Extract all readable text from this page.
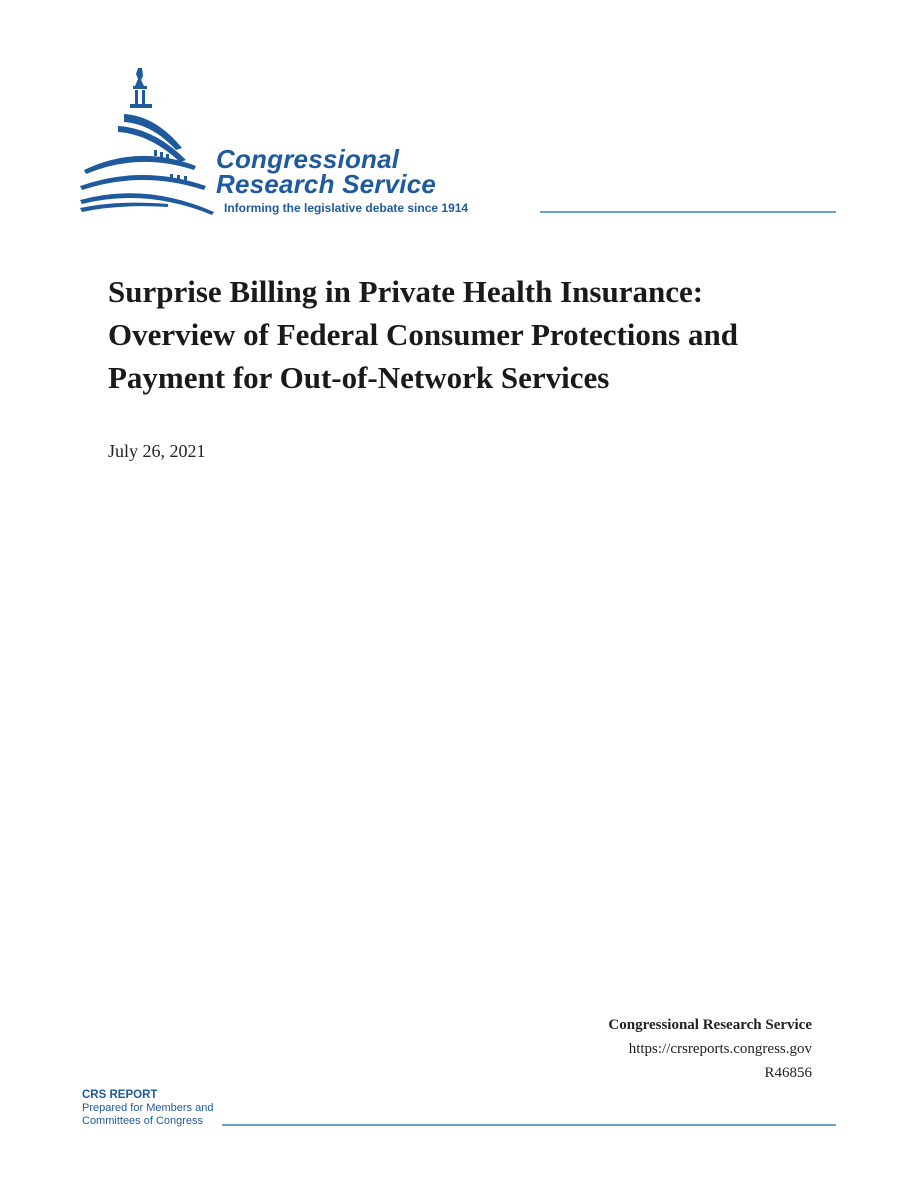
Congressional
Research Service
Informing the legislative debate since 1914
Surprise Billing in Private Health Insurance: Overview of Federal Consumer Protections and Payment for Out-of-Network Services
July 26, 2021
Congressional Research Service
https://crsreports.congress.gov
R46856
CRS REPORT
Prepared for Members and
Committees of Congress
